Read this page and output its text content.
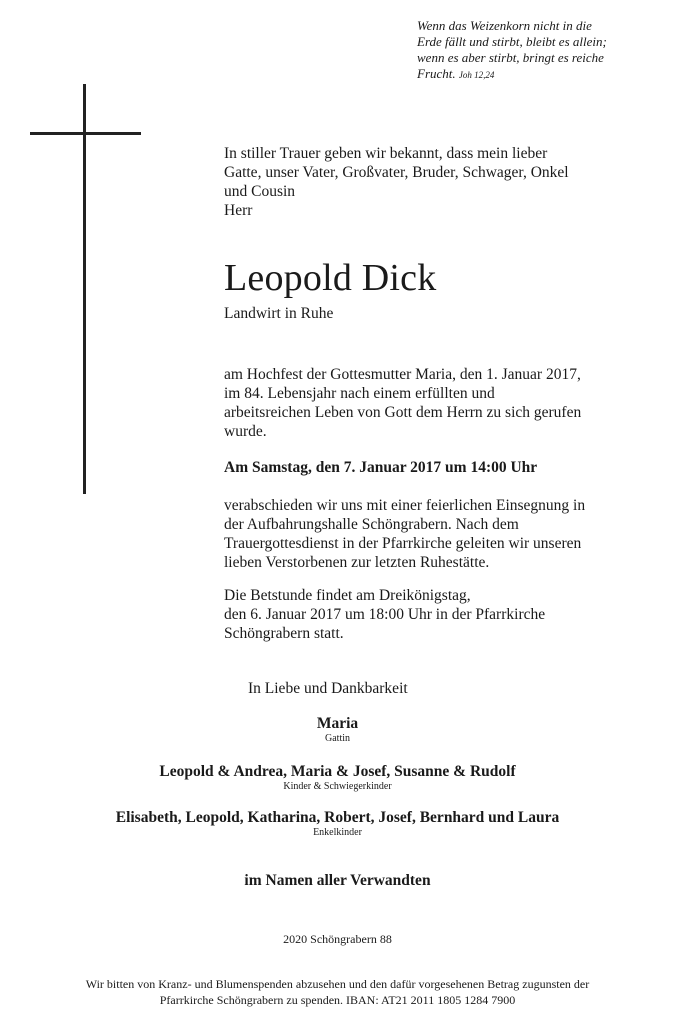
Wenn das Weizenkorn nicht in die
Erde fällt und stirbt, bleibt es allein;
wenn es aber stirbt, bringt es reiche
Frucht. Joh 12,24
In stiller Trauer geben wir bekannt, dass mein lieber
Gatte, unser Vater, Großvater, Bruder, Schwager, Onkel
und Cousin
Herr
Leopold Dick
Landwirt in Ruhe
am Hochfest der Gottesmutter Maria, den 1. Januar 2017,
im 84. Lebensjahr nach einem erfüllten und
arbeitsreichen Leben von Gott dem Herrn zu sich gerufen
wurde.
Am Samstag, den 7. Januar 2017 um 14:00 Uhr
verabschieden wir uns mit einer feierlichen Einsegnung in
der Aufbahrungshalle Schöngrabern. Nach dem
Trauergottesdienst in der Pfarrkirche geleiten wir unseren
lieben Verstorbenen zur letzten Ruhestätte.
Die Betstunde findet am Dreikönigstag,
den 6. Januar 2017 um 18:00 Uhr in der Pfarrkirche
Schöngrabern statt.
In Liebe und Dankbarkeit
Maria
Gattin
Leopold & Andrea, Maria & Josef, Susanne & Rudolf
Kinder & Schwiegerkinder
Elisabeth, Leopold, Katharina, Robert, Josef, Bernhard und Laura
Enkelkinder
im Namen aller Verwandten
2020 Schöngrabern 88
Wir bitten von Kranz- und Blumenspenden abzusehen und den dafür vorgesehenen Betrag zugunsten der
Pfarrkirche Schöngrabern zu spenden. IBAN: AT21 2011 1805 1284 7900
